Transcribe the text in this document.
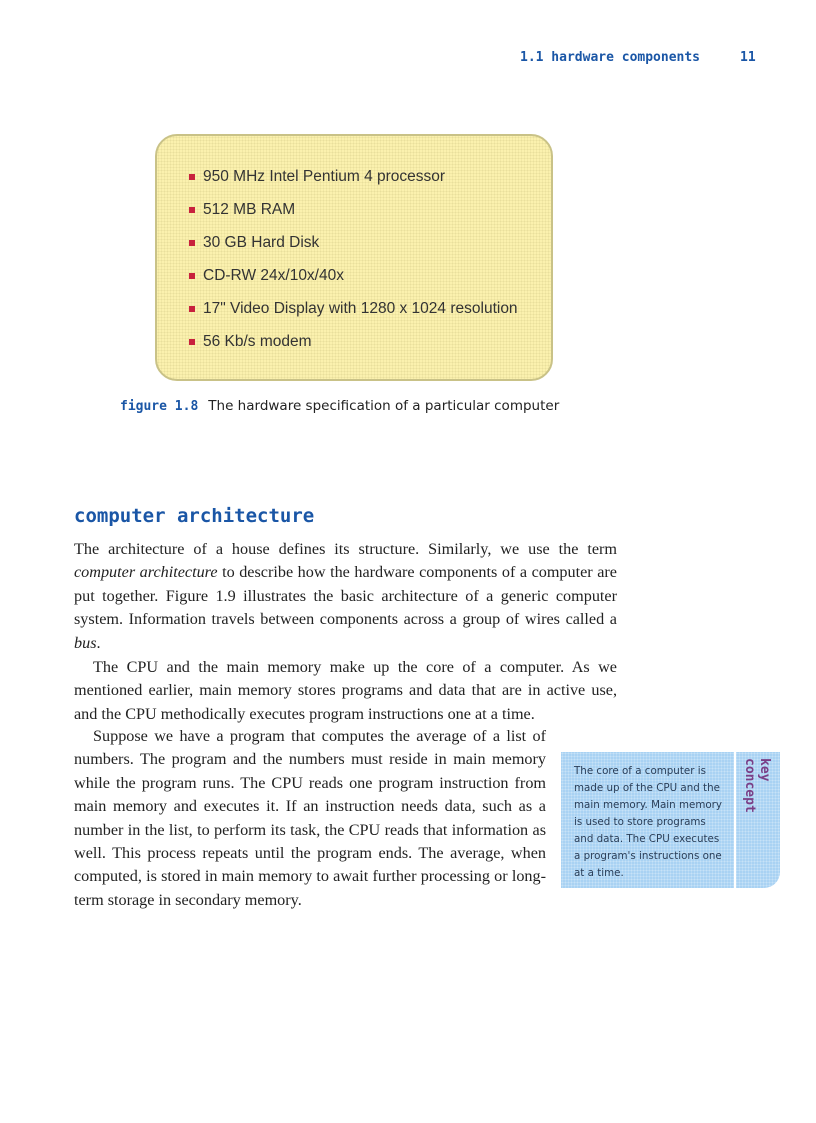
1.1 hardware components	11
950 MHz Intel Pentium 4 processor
512 MB RAM
30 GB Hard Disk
CD-RW 24x/10x/40x
17" Video Display with 1280 x 1024 resolution
56 Kb/s modem
figure 1.8 The hardware specification of a particular computer
computer architecture

The architecture of a house defines its structure. Similarly, we use the term computer architecture to describe how the hardware components of a computer are put together. Figure 1.9 illustrates the basic architecture of a generic computer system. Information travels between components across a group of wires called a bus.

The CPU and the main memory make up the core of a computer. As we mentioned earlier, main memory stores programs and data that are in active use, and the CPU methodically executes program instructions one at a time.

Suppose we have a program that computes the average of a list of numbers. The program and the numbers must reside in main memory while the program runs. The CPU reads one program instruction from main memory and executes it. If an instruction needs data, such as a number in the list, to perform its task, the CPU reads that information as well. This process repeats until the program ends. The average, when computed, is stored in main memory to await further processing or long-term storage in secondary memory.

The core of a computer is made up of the CPU and the main memory. Main memory is used to store programs and data. The CPU executes a program's instructions one at a time.
key
concept
